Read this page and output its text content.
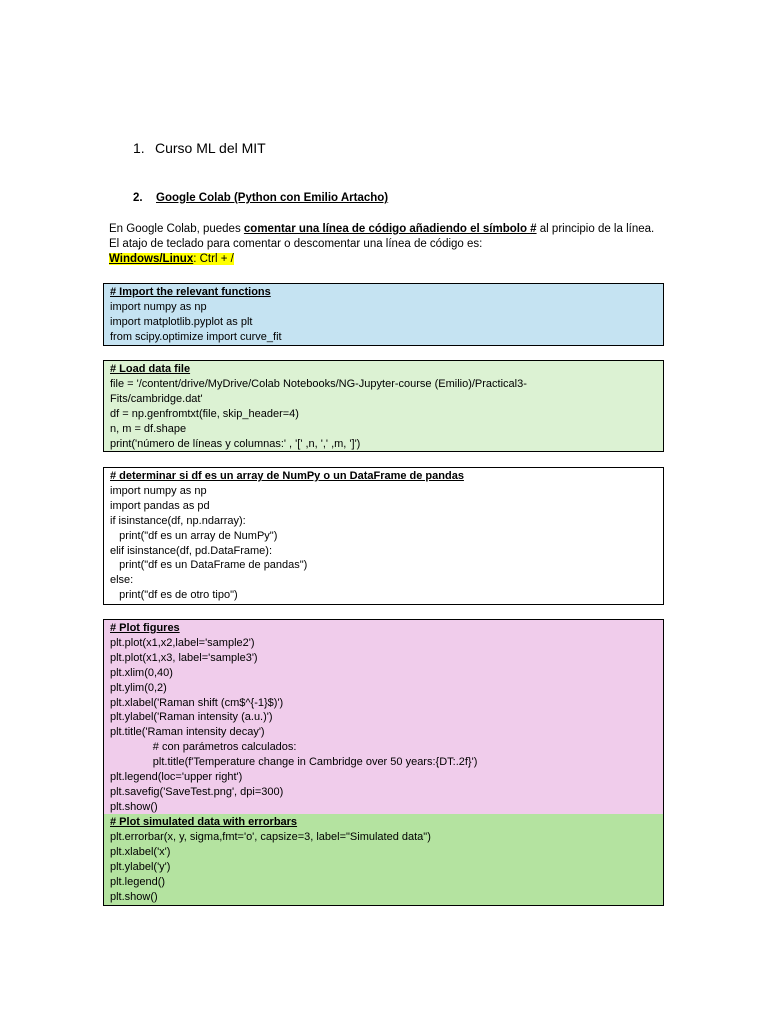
1. Curso ML del MIT
2. Google Colab (Python con Emilio Artacho)
En Google Colab, puedes comentar una línea de código añadiendo el símbolo # al principio de la línea. El atajo de teclado para comentar o descomentar una línea de código es:
Windows/Linux: Ctrl + /
# Import the relevant functions
import numpy as np
import matplotlib.pyplot as plt
from scipy.optimize import curve_fit
# Load data file
file = '/content/drive/MyDrive/Colab Notebooks/NG-Jupyter-course (Emilio)/Practical3-
Fits/cambridge.dat'
df = np.genfromtxt(file, skip_header=4)
n, m = df.shape
print('número de líneas y columnas:' , '[' ,n, ',' ,m, ']')
# determinar si df es un array de NumPy o un DataFrame de pandas
import numpy as np
import pandas as pd
if isinstance(df, np.ndarray):
print("df es un array de NumPy")
elif isinstance(df, pd.DataFrame):
print("df es un DataFrame de pandas")
else:
print("df es de otro tipo")
# Plot figures
plt.plot(x1,x2,label='sample2')
plt.plot(x1,x3, label='sample3')
plt.xlim(0,40)
plt.ylim(0,2)
plt.xlabel('Raman shift (cm$^{-1}$)')
plt.ylabel('Raman intensity (a.u.)')
plt.title('Raman intensity decay')
# con parámetros calculados:
plt.title(f'Temperature change in Cambridge over 50 years:{DT:.2f}')
plt.legend(loc='upper right')
plt.savefig('SaveTest.png', dpi=300)
plt.show()
# Plot simulated data with errorbars
plt.errorbar(x, y, sigma,fmt='o', capsize=3, label="Simulated data")
plt.xlabel('x')
plt.ylabel('y')
plt.legend()
plt.show()
